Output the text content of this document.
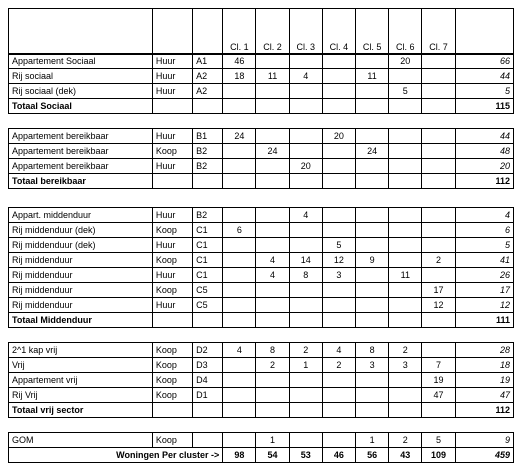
			Cl. 1	Cl. 2	Cl. 3	Cl. 4	Cl. 5	Cl. 6	Cl. 7	
Appartement Sociaal	Huur	A1	46					20		66
Rij sociaal	Huur	A2	18	11	4		11			44
Rij sociaal (dek)	Huur	A2						5		5
Totaal Sociaal										115
Appartement bereikbaar	Huur	B1	24			20				44
Appartement bereikbaar	Koop	B2		24			24			48
Appartement bereikbaar	Huur	B2			20					20
Totaal bereikbaar										112
Appart. middenduur	Huur	B2			4					4
Rij middenduur (dek)	Koop	C1	6							6
Rij middenduur (dek)	Huur	C1				5				5
Rij middenduur	Koop	C1		4	14	12	9		2	41
Rij middenduur	Huur	C1		4	8	3		11		26
Rij middenduur	Koop	C5							17	17
Rij middenduur	Huur	C5							12	12
Totaal Middenduur										111
2^1 kap vrij	Koop	D2	4	8	2	4	8	2		28
Vrij	Koop	D3		2	1	2	3	3	7	18
Appartement vrij	Koop	D4							19	19
Rij Vrij	Koop	D1							47	47
Totaal vrij sector										112
GOM	Koop			1			1	2	5	9
Woningen Per cluster ->			98	54	53	46	56	43	109	459
